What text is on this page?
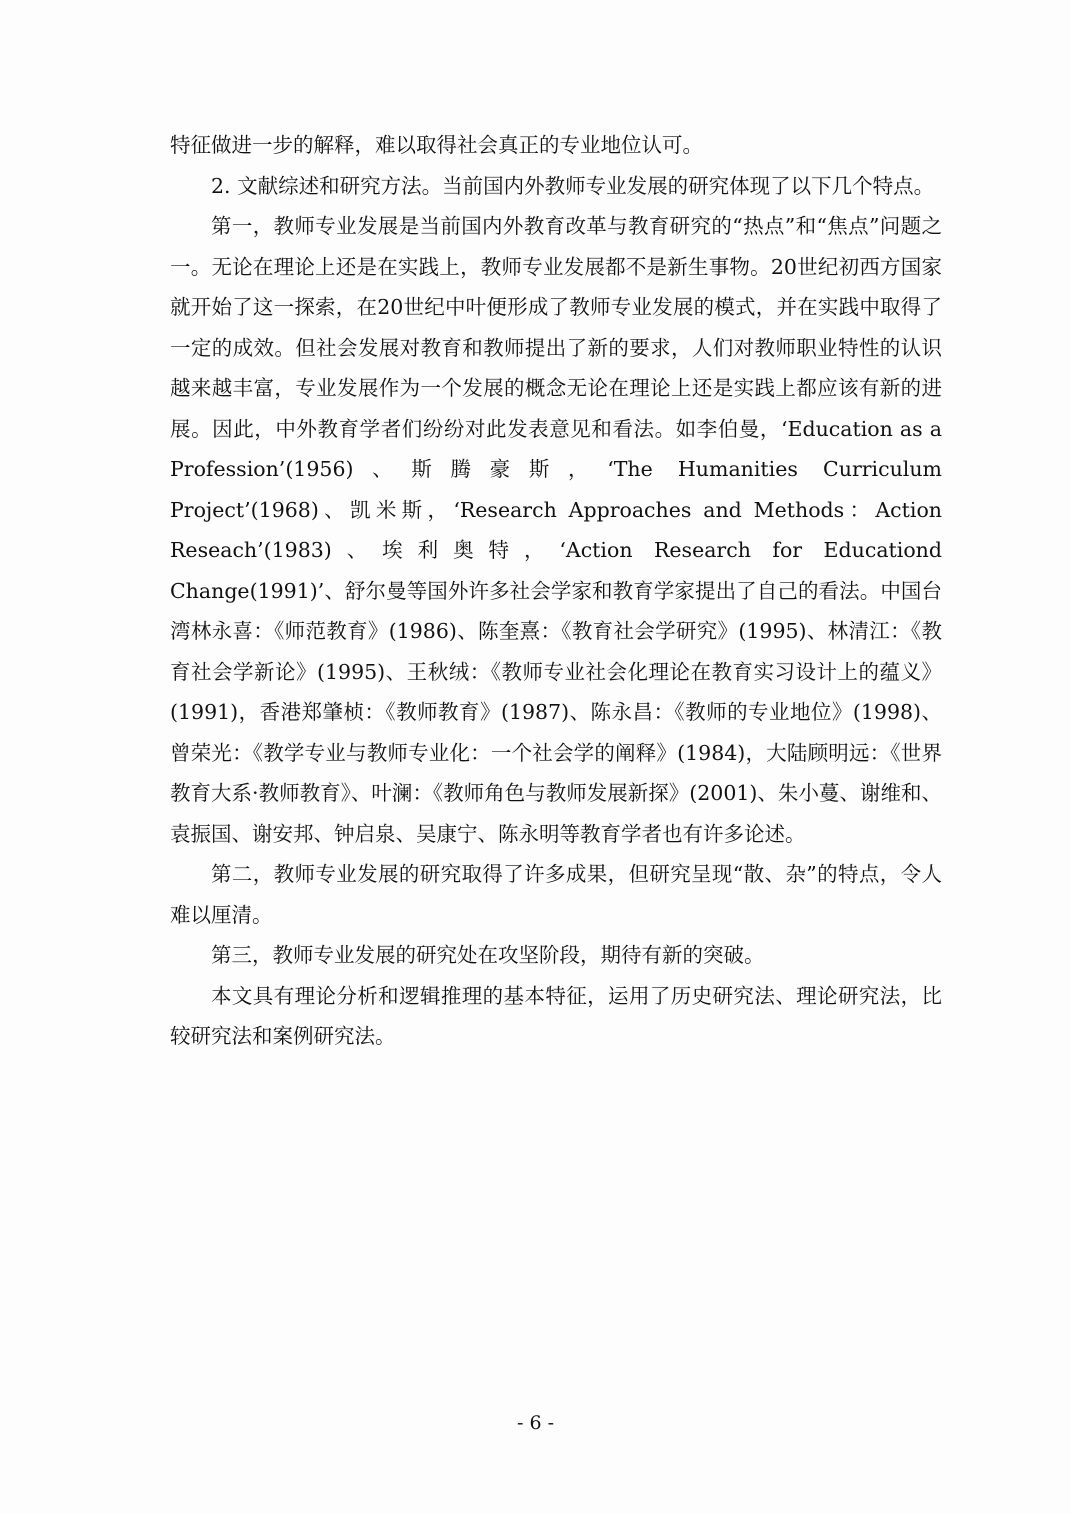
特征做进一步的解释，难以取得社会真正的专业地位认可。

2. 文献综述和研究方法。当前国内外教师专业发展的研究体现了以下几个特点。

第一，教师专业发展是当前国内外教育改革与教育研究的“热点”和“焦点”问题之一。无论在理论上还是在实践上，教师专业发展都不是新生事物。20世纪初西方国家就开始了这一探索，在20世纪中叶便形成了教师专业发展的模式，并在实践中取得了一定的成效。但社会发展对教育和教师提出了新的要求，人们对教师职业特性的认识越来越丰富，专业发展作为一个发展的概念无论在理论上还是实践上都应该有新的进展。因此，中外教育学者们纷纷对此发表意见和看法。如李伯曼，‘Education as a Profession’(1956)、斯腾豪斯，‘The Humanities Curriculum Project’(1968)、凯米斯，‘Research Approaches and Methods：Action Reseach’(1983)、埃利奥特，‘Action Research for Educationd Change(1991)’、舒尔曼等国外许多社会学家和教育学家提出了自己的看法。中国台湾林永喜：《师范教育》(1986)、陈奎熹：《教育社会学研究》(1995)、林清江：《教育社会学新论》(1995)、王秋绒：《教师专业社会化理论在教育实习设计上的蕴义》(1991)，香港郑肇桢：《教师教育》(1987)、陈永昌：《教师的专业地位》(1998)、曾荣光：《教学专业与教师专业化：一个社会学的阐释》(1984)，大陆顾明远：《世界教育大系·教师教育》、叶澜：《教师角色与教师发展新探》(2001)、朱小蔓、谢维和、袁振国、谢安邦、钟启泉、吴康宁、陈永明等教育学者也有许多论述。

第二，教师专业发展的研究取得了许多成果，但研究呈现“散、杂”的特点，令人难以厘清。

第三，教师专业发展的研究处在攻坚阶段，期待有新的突破。

本文具有理论分析和逻辑推理的基本特征，运用了历史研究法、理论研究法，比较研究法和案例研究法。

- 6 -
